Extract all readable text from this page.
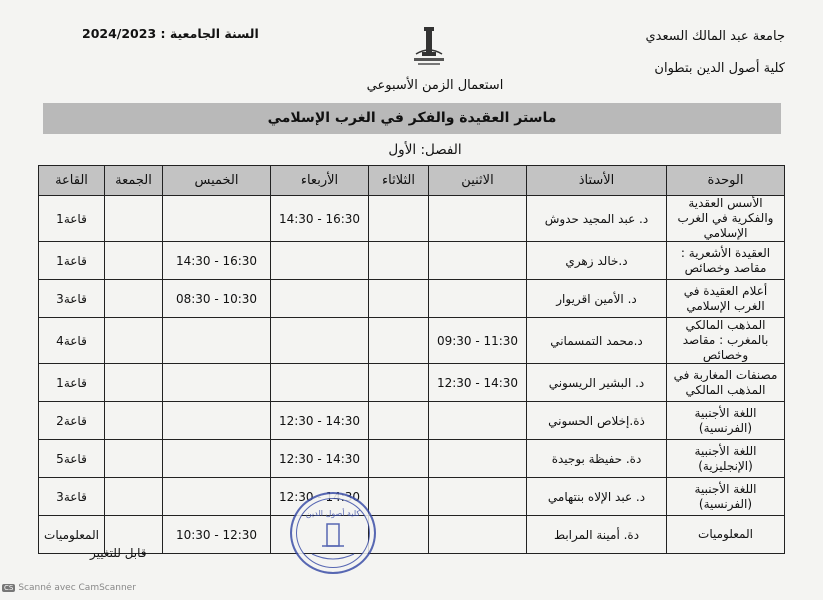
جامعة عبد المالك السعدي
كلية أصول الدين بتطوان
السنة الجامعية : 2024/2023
استعمال الزمن الأسبوعي
ماستر العقيدة والفكر في الغرب الإسلامي
الفصل: الأول
الوحدة	الأستاذ	الاثنين	الثلاثاء	الأربعاء	الخميس	الجمعة	القاعة
الأسس العقدية والفكرية في الغرب الإسلامي	د. عبد المجيد حدوش			14:30 - 16:30			قاعة1
العقيدة الأشعرية : مقاصد وخصائص	د.خالد زهري				14:30 - 16:30		قاعة1
أعلام العقيدة في الغرب الإسلامي	د. الأمين اقريوار				08:30 - 10:30		قاعة3
المذهب المالكي بالمغرب : مقاصد وخصائص	د.محمد التمسماني	09:30 - 11:30					قاعة4
مصنفات المغاربة في المذهب المالكي	د. البشير الريسوني	12:30 - 14:30					قاعة1
اللغة الأجنبية (الفرنسية)	ذة.إخلاص الحسوني			12:30 - 14:30			قاعة2
اللغة الأجنبية (الإنجليزية)	دة. حفيظة بوجيدة			12:30 - 14:30			قاعة5
اللغة الأجنبية (الفرنسية)	د. عبد الإلاه بنتهامي			12:30 - 14:30			قاعة3
المعلوميات	دة. أمينة المرابط				10:30 - 12:30		المعلوميات
قابل للتغيير
كلية أصول الدين
CS Scanné avec CamScanner
